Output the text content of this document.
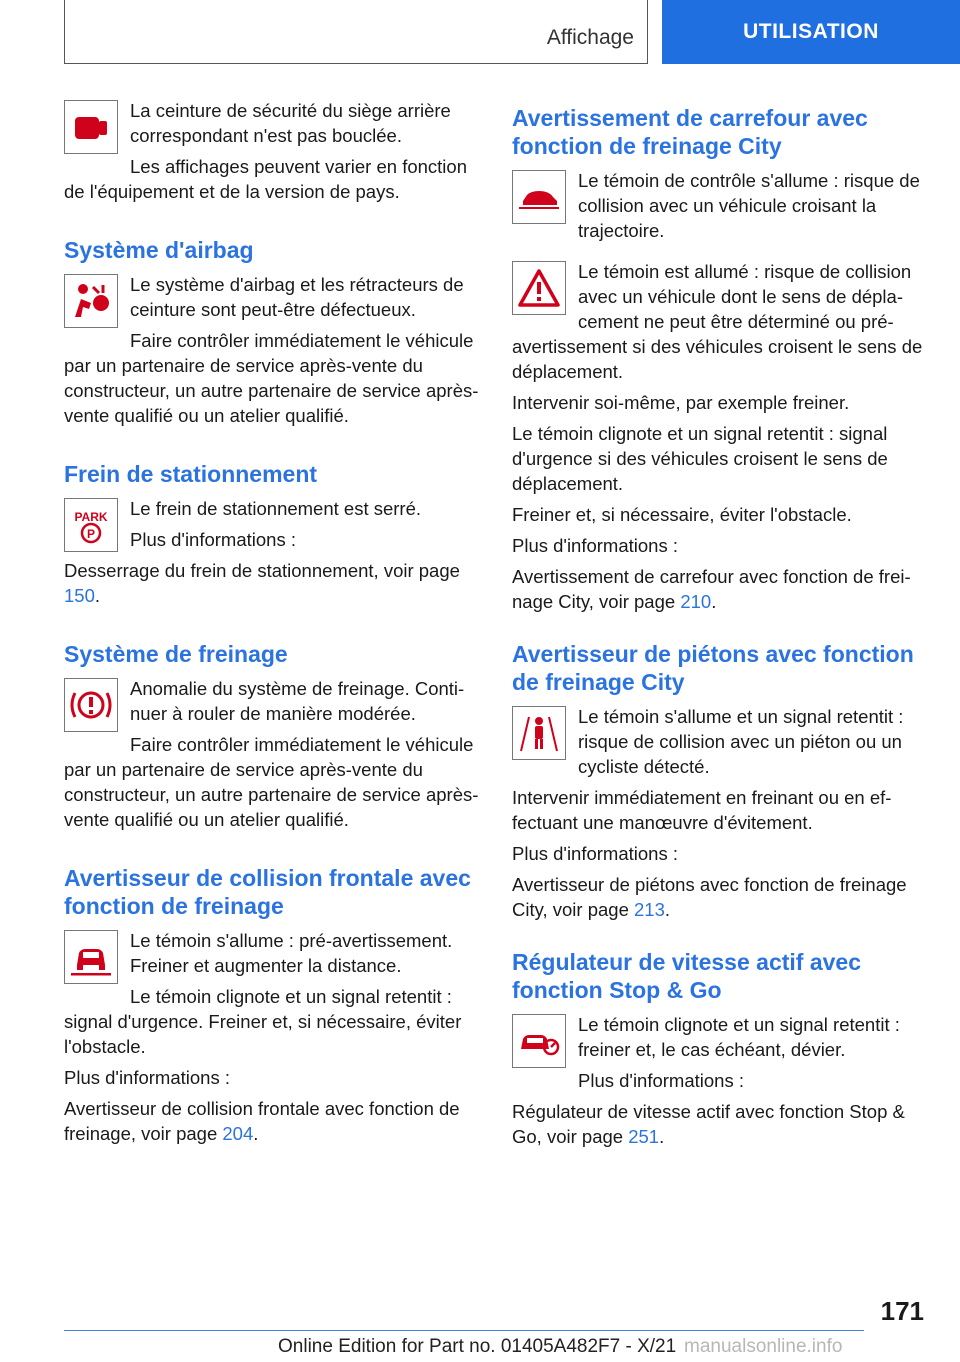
Affichage	UTILISATION

La ceinture de sécurité du siège arrière correspondant n'est pas bouclée.

Les affichages peuvent varier en fonction de l'équipement et de la version de pays.

Système d'airbag

Le système d'airbag et les rétracteurs de ceinture sont peut-être défectueux.

Faire contrôler immédiatement le véhicule par un partenaire de service après-vente du constructeur, un autre partenaire de service après-vente qualifié ou un atelier qualifié.

Frein de stationnement
PARK
P

Le frein de stationnement est serré.

Plus d'informations :

Desserrage du frein de stationnement, voir page 150.

Système de freinage

Anomalie du système de freinage. Continuer à rouler de manière modérée.

Faire contrôler immédiatement le véhicule par un partenaire de service après-vente du constructeur, un autre partenaire de service après-vente qualifié ou un atelier qualifié.

Avertisseur de collision frontale avec fonction de freinage

Le témoin s'allume : pré-avertissement. Freiner et augmenter la distance.

Le témoin clignote et un signal retentit : signal d'urgence. Freiner et, si nécessaire, éviter l'obstacle.

Plus d'informations :

Avertisseur de collision frontale avec fonction de freinage, voir page 204.

Avertissement de carrefour avec fonction de freinage City

Le témoin de contrôle s'allume : risque de collision avec un véhicule croisant la trajectoire.

Le témoin est allumé : risque de collision avec un véhicule dont le sens de déplacement ne peut être déterminé ou pré-avertissement si des véhicules croisent le sens de déplacement.

Intervenir soi-même, par exemple freiner.

Le témoin clignote et un signal retentit : signal d'urgence si des véhicules croisent le sens de déplacement.

Freiner et, si nécessaire, éviter l'obstacle.

Plus d'informations :

Avertissement de carrefour avec fonction de freinage City, voir page 210.

Avertisseur de piétons avec fonction de freinage City

Le témoin s'allume et un signal retentit : risque de collision avec un piéton ou un cycliste détecté.

Intervenir immédiatement en freinant ou en effectuant une manœuvre d'évitement.

Plus d'informations :

Avertisseur de piétons avec fonction de freinage City, voir page 213.

Régulateur de vitesse actif avec fonction Stop & Go

Le témoin clignote et un signal retentit : freiner et, le cas échéant, dévier.

Plus d'informations :

Régulateur de vitesse actif avec fonction Stop & Go, voir page 251.

171
Online Edition for Part no. 01405A482F7 - X/21 manualsonline.info
